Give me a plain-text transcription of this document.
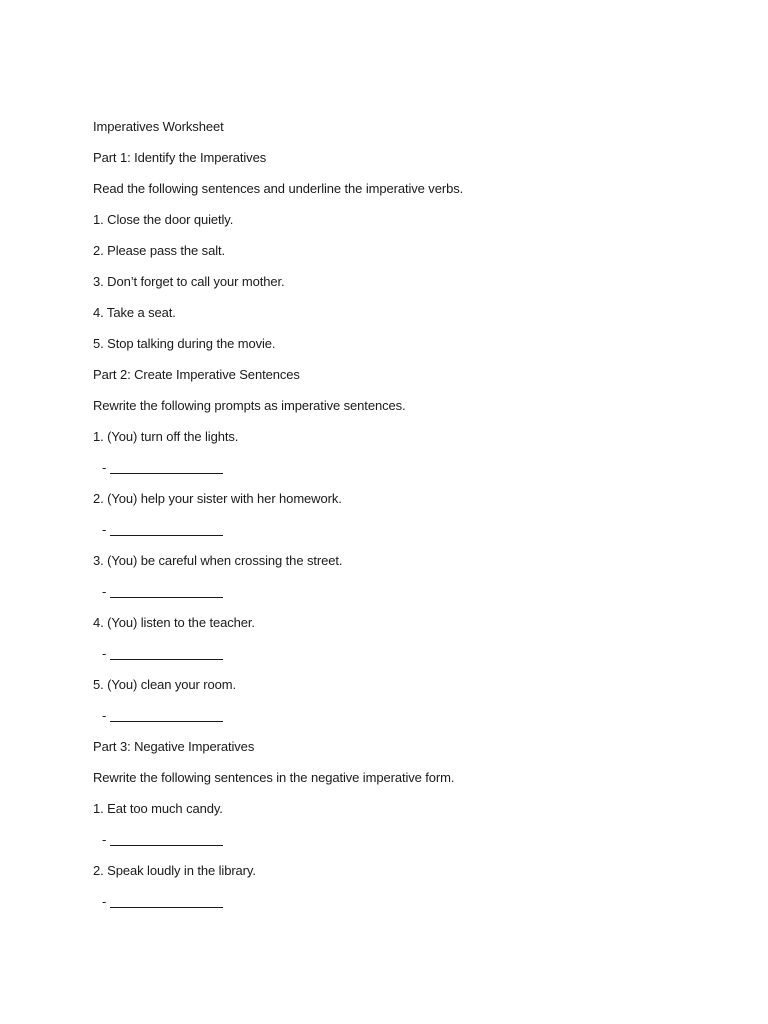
Imperatives Worksheet
Part 1: Identify the Imperatives
Read the following sentences and underline the imperative verbs.
1. Close the door quietly.
2. Please pass the salt.
3. Don’t forget to call your mother.
4. Take a seat.
5. Stop talking during the movie.
Part 2: Create Imperative Sentences
Rewrite the following prompts as imperative sentences.
1. (You) turn off the lights.
-
2. (You) help your sister with her homework.
-
3. (You) be careful when crossing the street.
-
4. (You) listen to the teacher.
-
5. (You) clean your room.
-
Part 3: Negative Imperatives
Rewrite the following sentences in the negative imperative form.
1. Eat too much candy.
-
2. Speak loudly in the library.
-
